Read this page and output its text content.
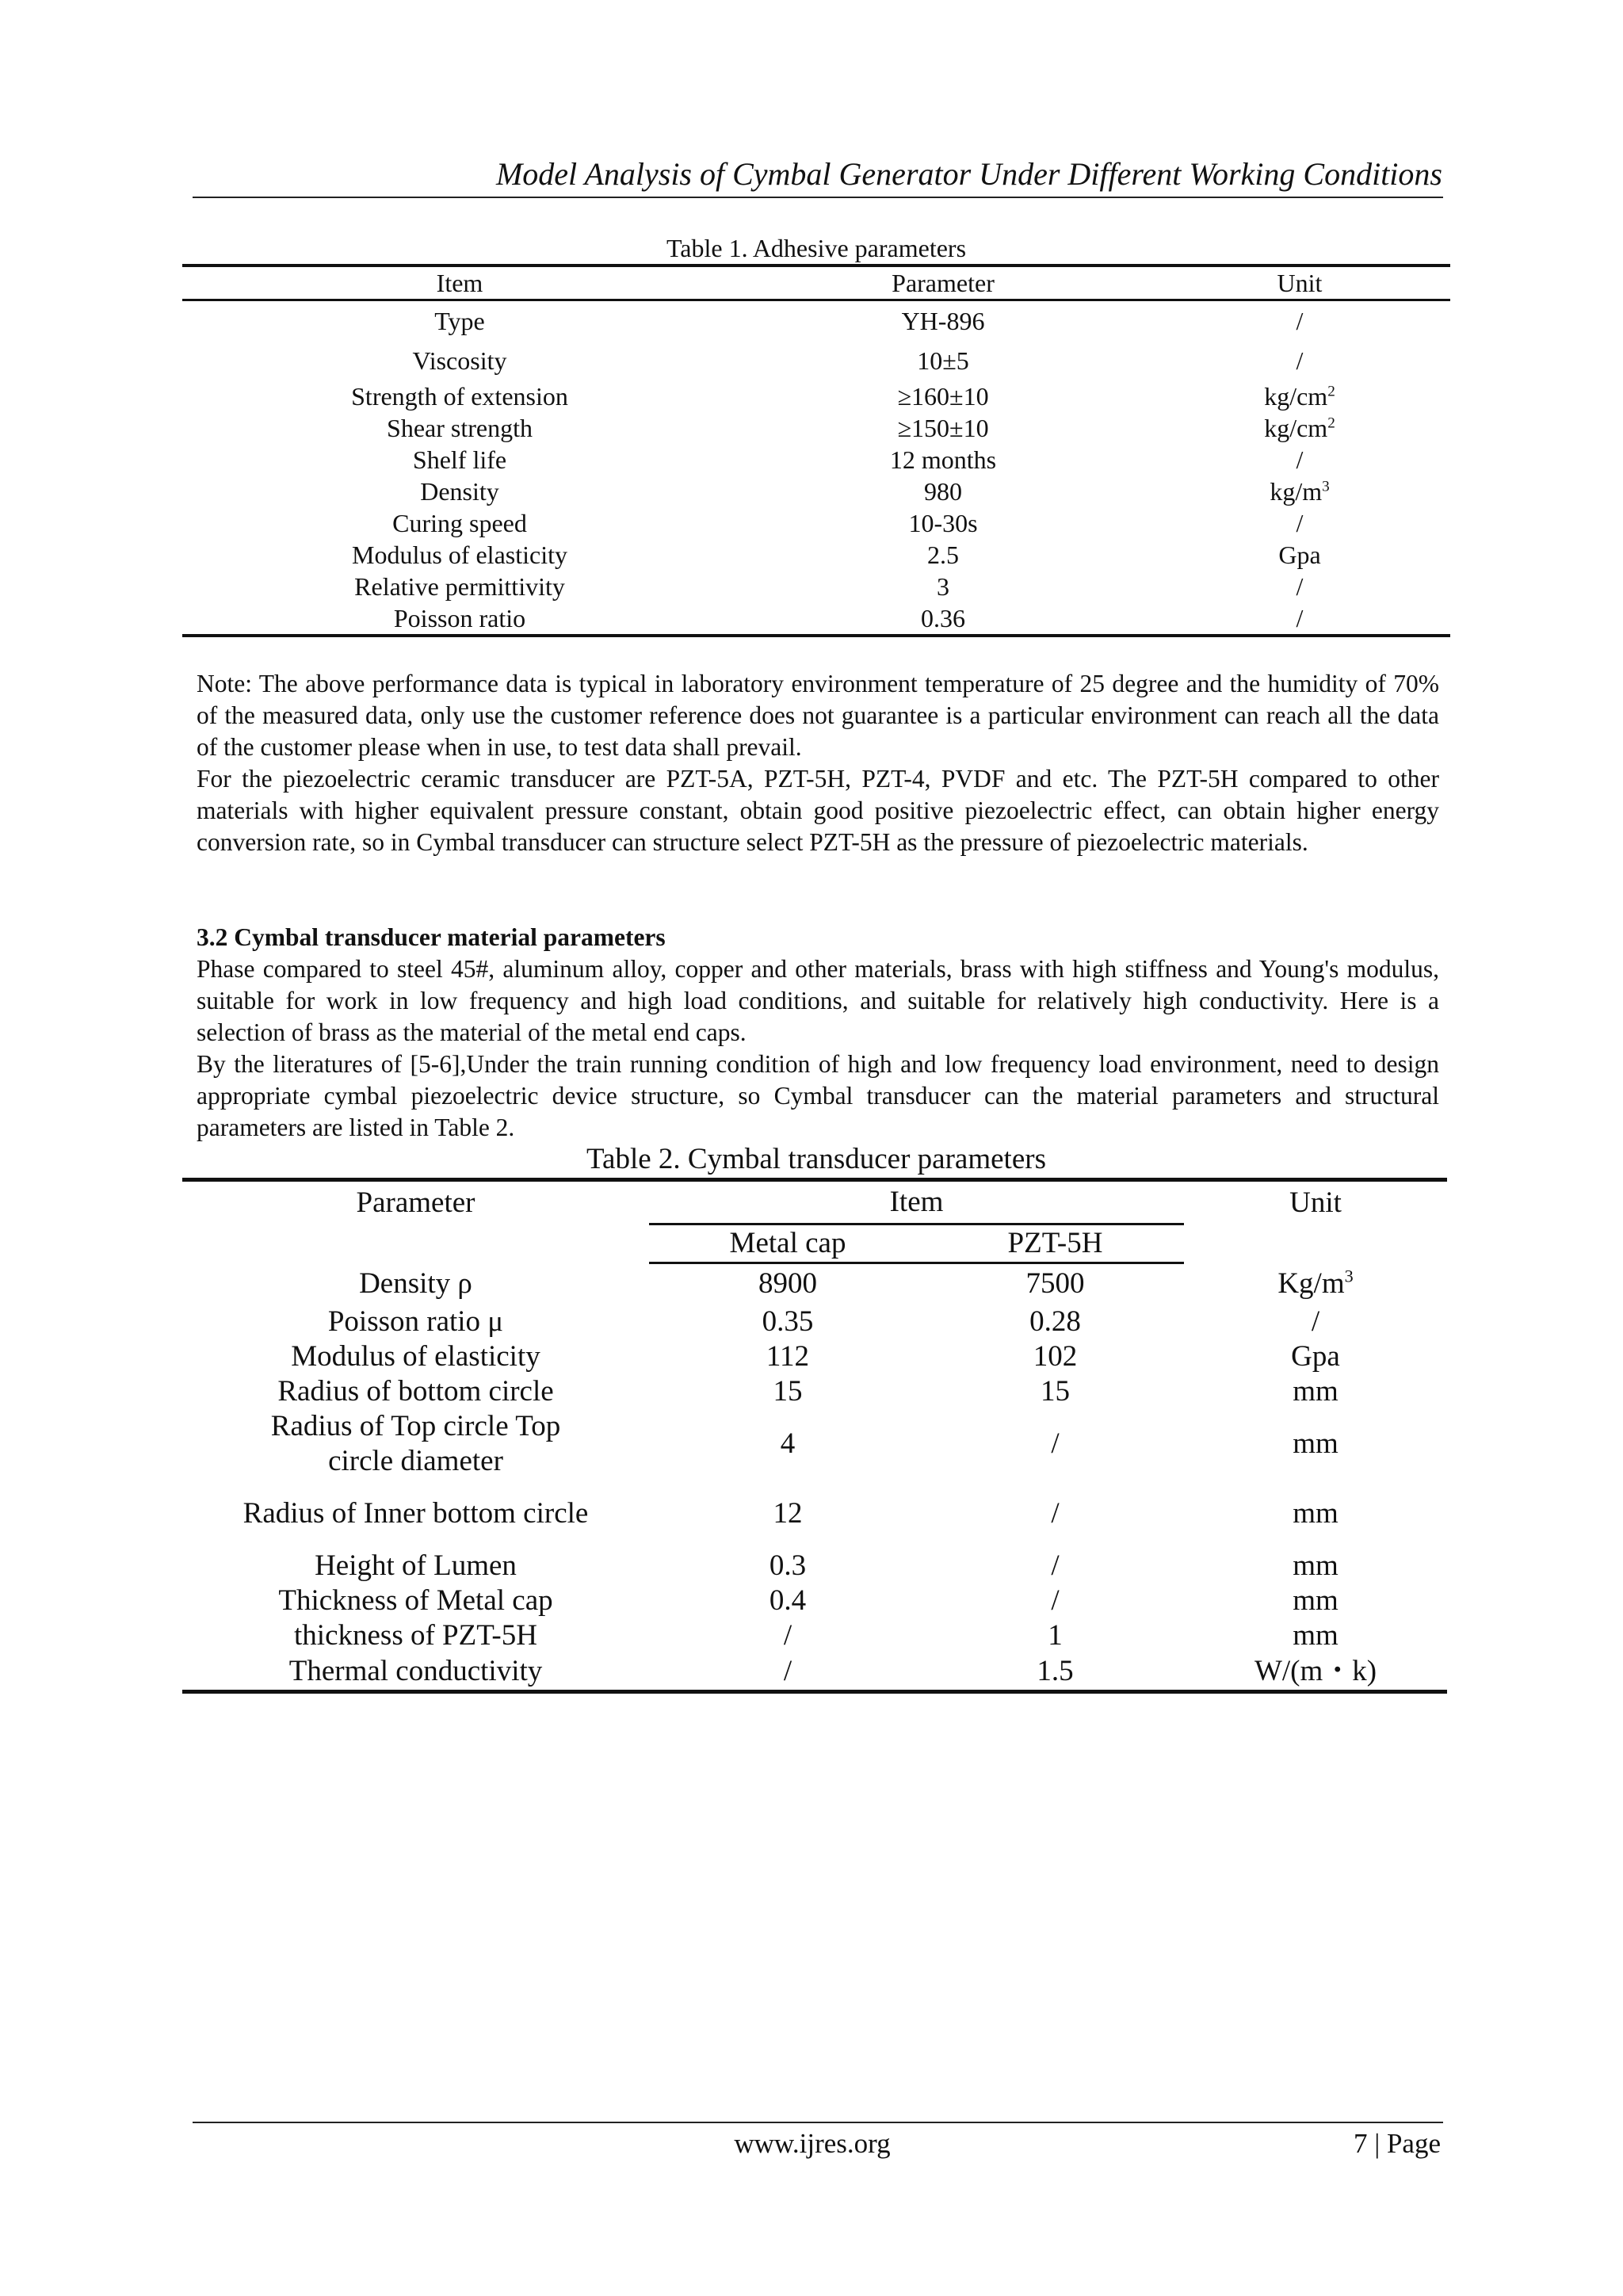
Model Analysis of Cymbal Generator Under Different Working Conditions
Table 1. Adhesive parameters
Item	Parameter	Unit
Type	YH-896	/
Viscosity	10±5	/
Strength of extension	≥160±10	$kg/cm^2$
Shear strength	≥150±10	$kg/cm^2$
Shelf life	12 months	/
Density	980	$kg/m^3$
Curing speed	10-30s	/
Modulus of elasticity	2.5	Gpa
Relative permittivity	3	/
Poisson ratio	0.36	/

Note: The above performance data is typical in laboratory environment temperature of 25 degree and the humidity of 70% of the measured data, only use the customer reference does not guarantee is a particular environment can reach all the data of the customer please when in use, to test data shall prevail.

For the piezoelectric ceramic transducer are PZT-5A, PZT-5H, PZT-4, PVDF and etc. The PZT-5H compared to other materials with higher equivalent pressure constant, obtain good positive piezoelectric effect, can obtain higher energy conversion rate, so in Cymbal transducer can structure select PZT-5H as the pressure of piezoelectric materials.

3.2 Cymbal transducer material parameters

Phase compared to steel 45#, aluminum alloy, copper and other materials, brass with high stiffness and Young's modulus, suitable for work in low frequency and high load conditions, and suitable for relatively high conductivity. Here is a selection of brass as the material of the metal end caps.

By the literatures of [5-6],Under the train running condition of high and low frequency load environment, need to design appropriate cymbal piezoelectric device structure, so Cymbal transducer can the material parameters and structural parameters are listed in Table 2.

Table 2. Cymbal transducer parameters
Parameter	Item		Unit
	Metal cap	PZT-5H	
Density ρ	8900	7500	$Kg/m^3$
Poisson ratio μ	0.35	0.28	/
Modulus of elasticity	112	102	Gpa
Radius of bottom circle	15	15	mm
Radius of Top circle Top
circle diameter	4	/	mm
Radius of Inner bottom circle	12	/	mm
Height of Lumen	0.3	/	mm
Thickness of Metal cap	0.4	/	mm
thickness of PZT-5H	/	1	mm
Thermal conductivity	/	1.5	W/(m・k)
www.ijres.org	7 | Page
